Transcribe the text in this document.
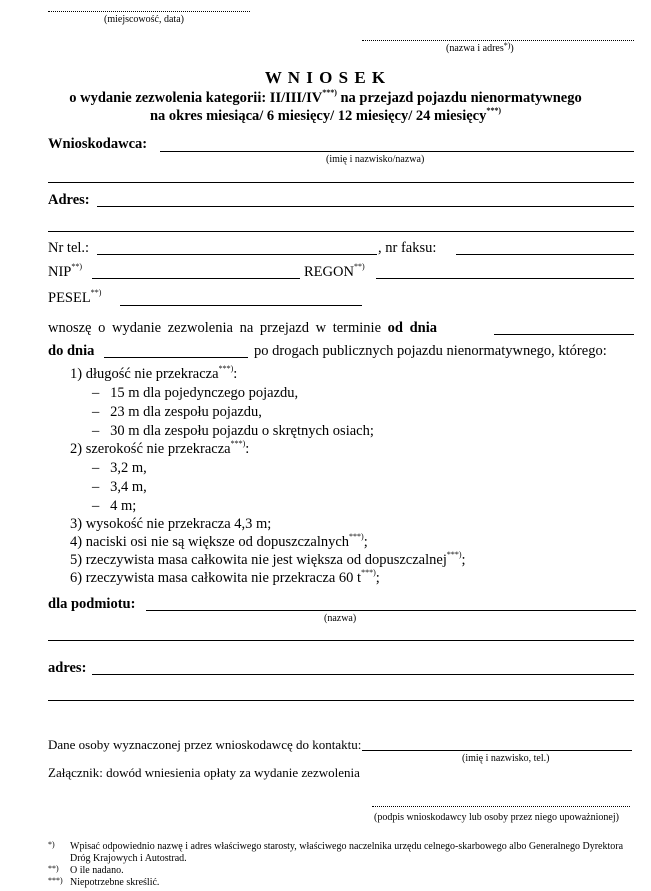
(miejscowość, data)
(nazwa i adres*))
W N I O S E K
o wydanie zezwolenia kategorii: II/III/IV***) na przejazd pojazdu nienormatywnego
na okres miesiąca/ 6 miesięcy/ 12 miesięcy/ 24 miesięcy***)
Wnioskodawca:
(imię i nazwisko/nazwa)
Adres:
Nr tel.:	, nr faksu:
NIP**)	REGON**)
PESEL**)
wnoszę o wydanie zezwolenia na przejazd w terminie od dnia
do dnia	po drogach publicznych pojazdu nienormatywnego, którego:
1) długość nie przekracza***):
– 15 m dla pojedynczego pojazdu,
– 23 m dla zespołu pojazdu,
– 30 m dla zespołu pojazdu o skrętnych osiach;
2) szerokość nie przekracza***):
– 3,2 m,
– 3,4 m,
– 4 m;
3) wysokość nie przekracza 4,3 m;
4) naciski osi nie są większe od dopuszczalnych***);
5) rzeczywista masa całkowita nie jest większa od dopuszczalnej***);
6) rzeczywista masa całkowita nie przekracza 60 t***);
dla podmiotu:
(nazwa)
adres:
Dane osoby wyznaczonej przez wnioskodawcę do kontaktu:
(imię i nazwisko, tel.)
Załącznik: dowód wniesienia opłaty za wydanie zezwolenia
(podpis wnioskodawcy lub osoby przez niego upoważnionej)
*) Wpisać odpowiednio nazwę i adres właściwego starosty, właściwego naczelnika urzędu celnego-skarbowego albo Generalnego Dyrektora
Dróg Krajowych i Autostrad.
**) O ile nadano.
***) Niepotrzebne skreślić.
